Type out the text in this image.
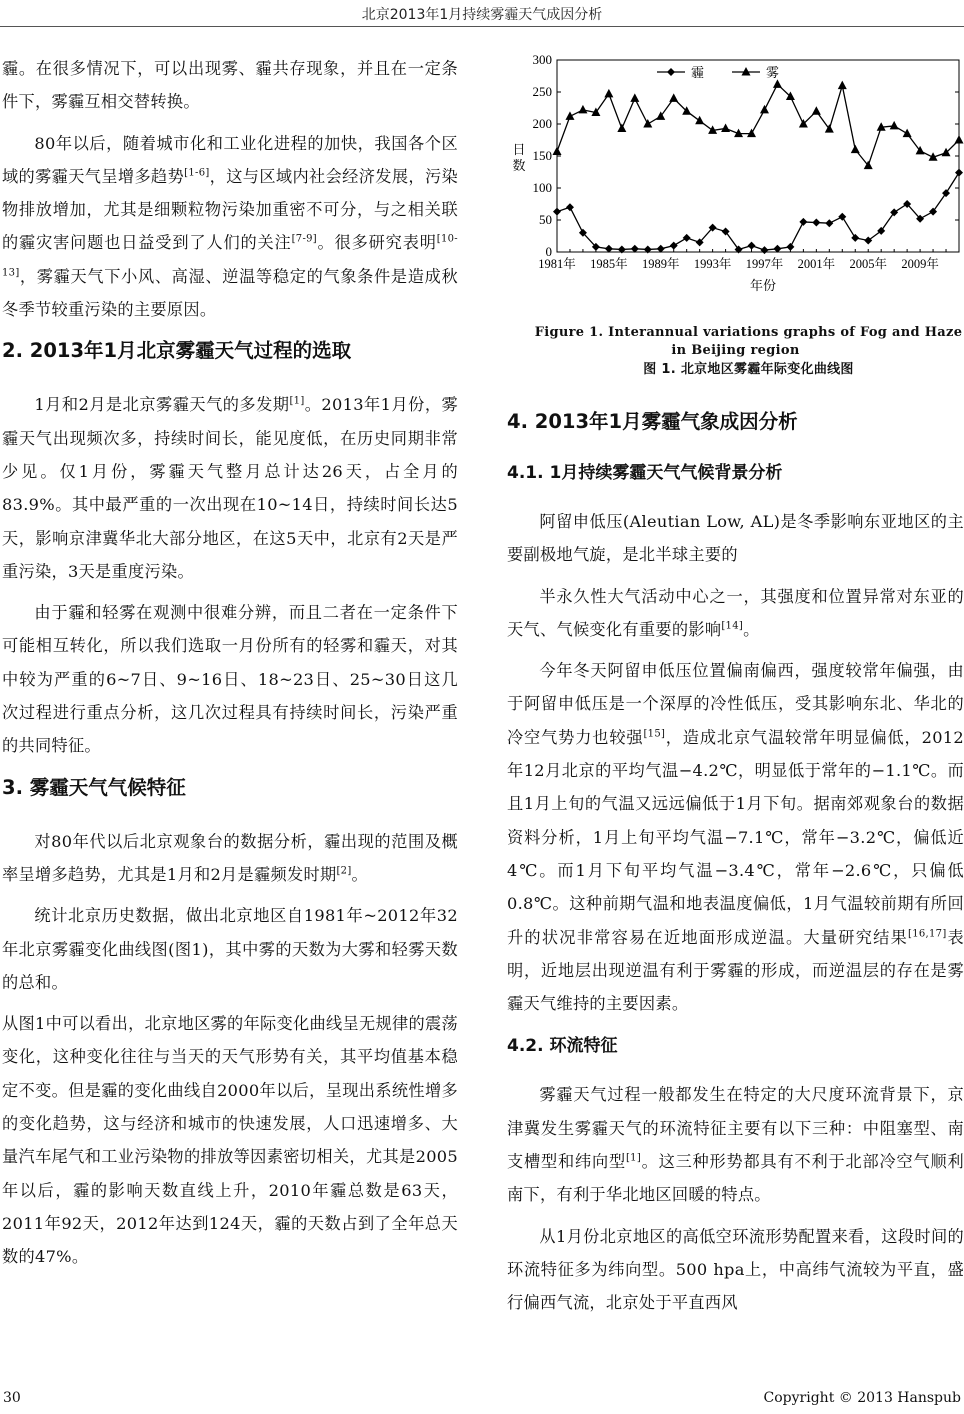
北京2013年1月持续雾霾天气成因分析

霾。在很多情况下，可以出现雾、霾共存现象，并且在一定条件下，雾霾互相交替转换。

80年以后，随着城市化和工业化进程的加快，我国各个区域的雾霾天气呈增多趋势[1-6]，这与区域内社会经济发展，污染物排放增加，尤其是细颗粒物污染加重密不可分，与之相关联的霾灾害问题也日益受到了人们的关注[7-9]。很多研究表明[10-13]，雾霾天气下小风、高湿、逆温等稳定的气象条件是造成秋冬季节较重污染的主要原因。

2. 2013年1月北京雾霾天气过程的选取

1月和2月是北京雾霾天气的多发期[1]。2013年1月份，雾霾天气出现频次多，持续时间长，能见度低，在历史同期非常少见。仅1月份，雾霾天气整月总计达26天，占全月的83.9%。其中最严重的一次出现在10~14日，持续时间长达5天，影响京津冀华北大部分地区，在这5天中，北京有2天是严重污染，3天是重度污染。

由于霾和轻雾在观测中很难分辨，而且二者在一定条件下可能相互转化，所以我们选取一月份所有的轻雾和霾天，对其中较为严重的6~7日、9~16日、18~23日、25~30日这几次过程进行重点分析，这几次过程具有持续时间长，污染严重的共同特征。

3. 雾霾天气气候特征

对80年代以后北京观象台的数据分析，霾出现的范围及概率呈增多趋势，尤其是1月和2月是霾频发时期[2]。

统计北京历史数据，做出北京地区自1981年~2012年32年北京雾霾变化曲线图(图1)，其中雾的天数为大雾和轻雾天数的总和。

从图1中可以看出，北京地区雾的年际变化曲线呈无规律的震荡变化，这种变化往往与当天的天气形势有关，其平均值基本稳定不变。但是霾的变化曲线自2000年以后，呈现出系统性增多的变化趋势，这与经济和城市的快速发展，人口迅速增多、大量汽车尾气和工业污染物的排放等因素密切相关，尤其是2005年以后，霾的影响天数直线上升，2010年霾总数是63天，2011年92天，2012年达到124天，霾的天数占到了全年总天数的47%。

0
50
100
150
200
250
300
日
数
1981年 1985年 1989年 1993年 1997年 2001年 2005年 2009年
年份
霾	雾

Figure 1. Interannual variations graphs of Fog and Haze in Beijing region

图 1. 北京地区雾霾年际变化曲线图

4. 2013年1月雾霾气象成因分析
4.1. 1月持续雾霾天气气候背景分析

阿留申低压(Aleutian Low, AL)是冬季影响东亚地区的主要副极地气旋，是北半球主要的

半永久性大气活动中心之一，其强度和位置异常对东亚的天气、气候变化有重要的影响[14]。

今年冬天阿留申低压位置偏南偏西，强度较常年偏强，由于阿留申低压是一个深厚的冷性低压，受其影响东北、华北的冷空气势力也较强[15]，造成北京气温较常年明显偏低，2012年12月北京的平均气温−4.2℃，明显低于常年的−1.1℃。而且1月上旬的气温又远远偏低于1月下旬。据南郊观象台的数据资料分析，1月上旬平均气温−7.1℃，常年−3.2℃，偏低近4℃。而1月下旬平均气温−3.4℃，常年−2.6℃，只偏低0.8℃。这种前期气温和地表温度偏低，1月气温较前期有所回升的状况非常容易在近地面形成逆温。大量研究结果[16,17]表明，近地层出现逆温有利于雾霾的形成，而逆温层的存在是雾霾天气维持的主要因素。

4.2. 环流特征

雾霾天气过程一般都发生在特定的大尺度环流背景下，京津冀发生雾霾天气的环流特征主要有以下三种：中阻塞型、南支槽型和纬向型[1]。这三种形势都具有不利于北部冷空气顺利南下，有利于华北地区回暖的特点。

从1月份北京地区的高低空环流形势配置来看，这段时间的环流特征多为纬向型。500 hpa上，中高纬气流较为平直，盛行偏西气流，北京处于平直西风

30	Copyright © 2013 Hanspub
